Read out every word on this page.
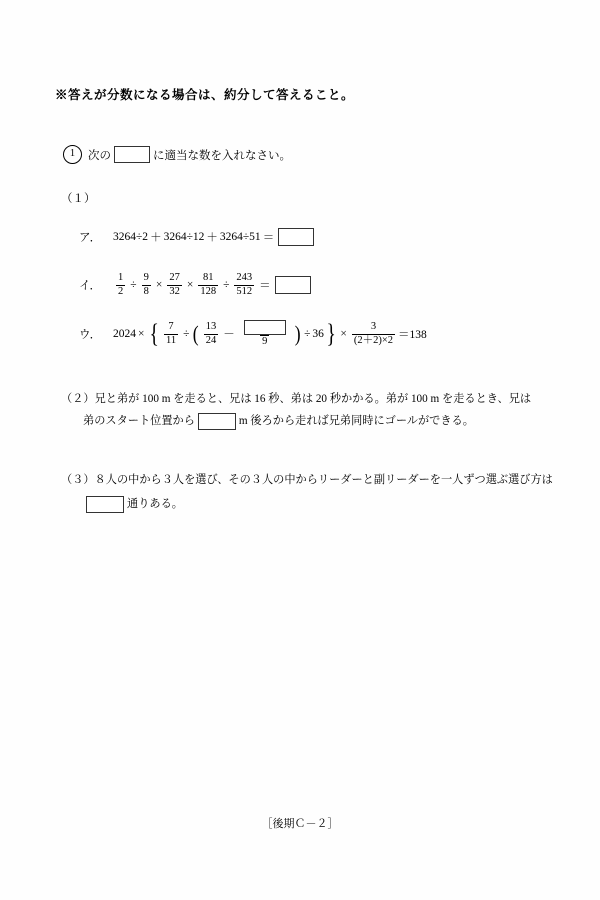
※答えが分数になる場合は、約分して答えること。
1	次の	に適当な数を入れなさい。
（１）
ア．	3264÷2 ＋ 3264÷12 ＋ 3264÷51 ＝
イ．	$\frac{1}{2} \div \frac{9}{8} \times \frac{27}{32} \times \frac{81}{128} \div \frac{243}{512}$ ＝
ウ．	2024 × { $\frac{7}{11}$ ÷ ( $\frac{13}{24}$ －
9 ) ÷ 36 } × $\frac{3}{(2+2)\times 2} =138$
（２）兄と弟が 100 m を走ると、兄は 16 秒、弟は 20 秒かかる。弟が 100 m を走るとき、兄は
弟のスタート位置から	m 後ろから走れば兄弟同時にゴールができる。
（３）８人の中から３人を選び、その３人の中からリーダーと副リーダーを一人ずつ選ぶ選び方は
通りある。
［後期Ｃ－２］
